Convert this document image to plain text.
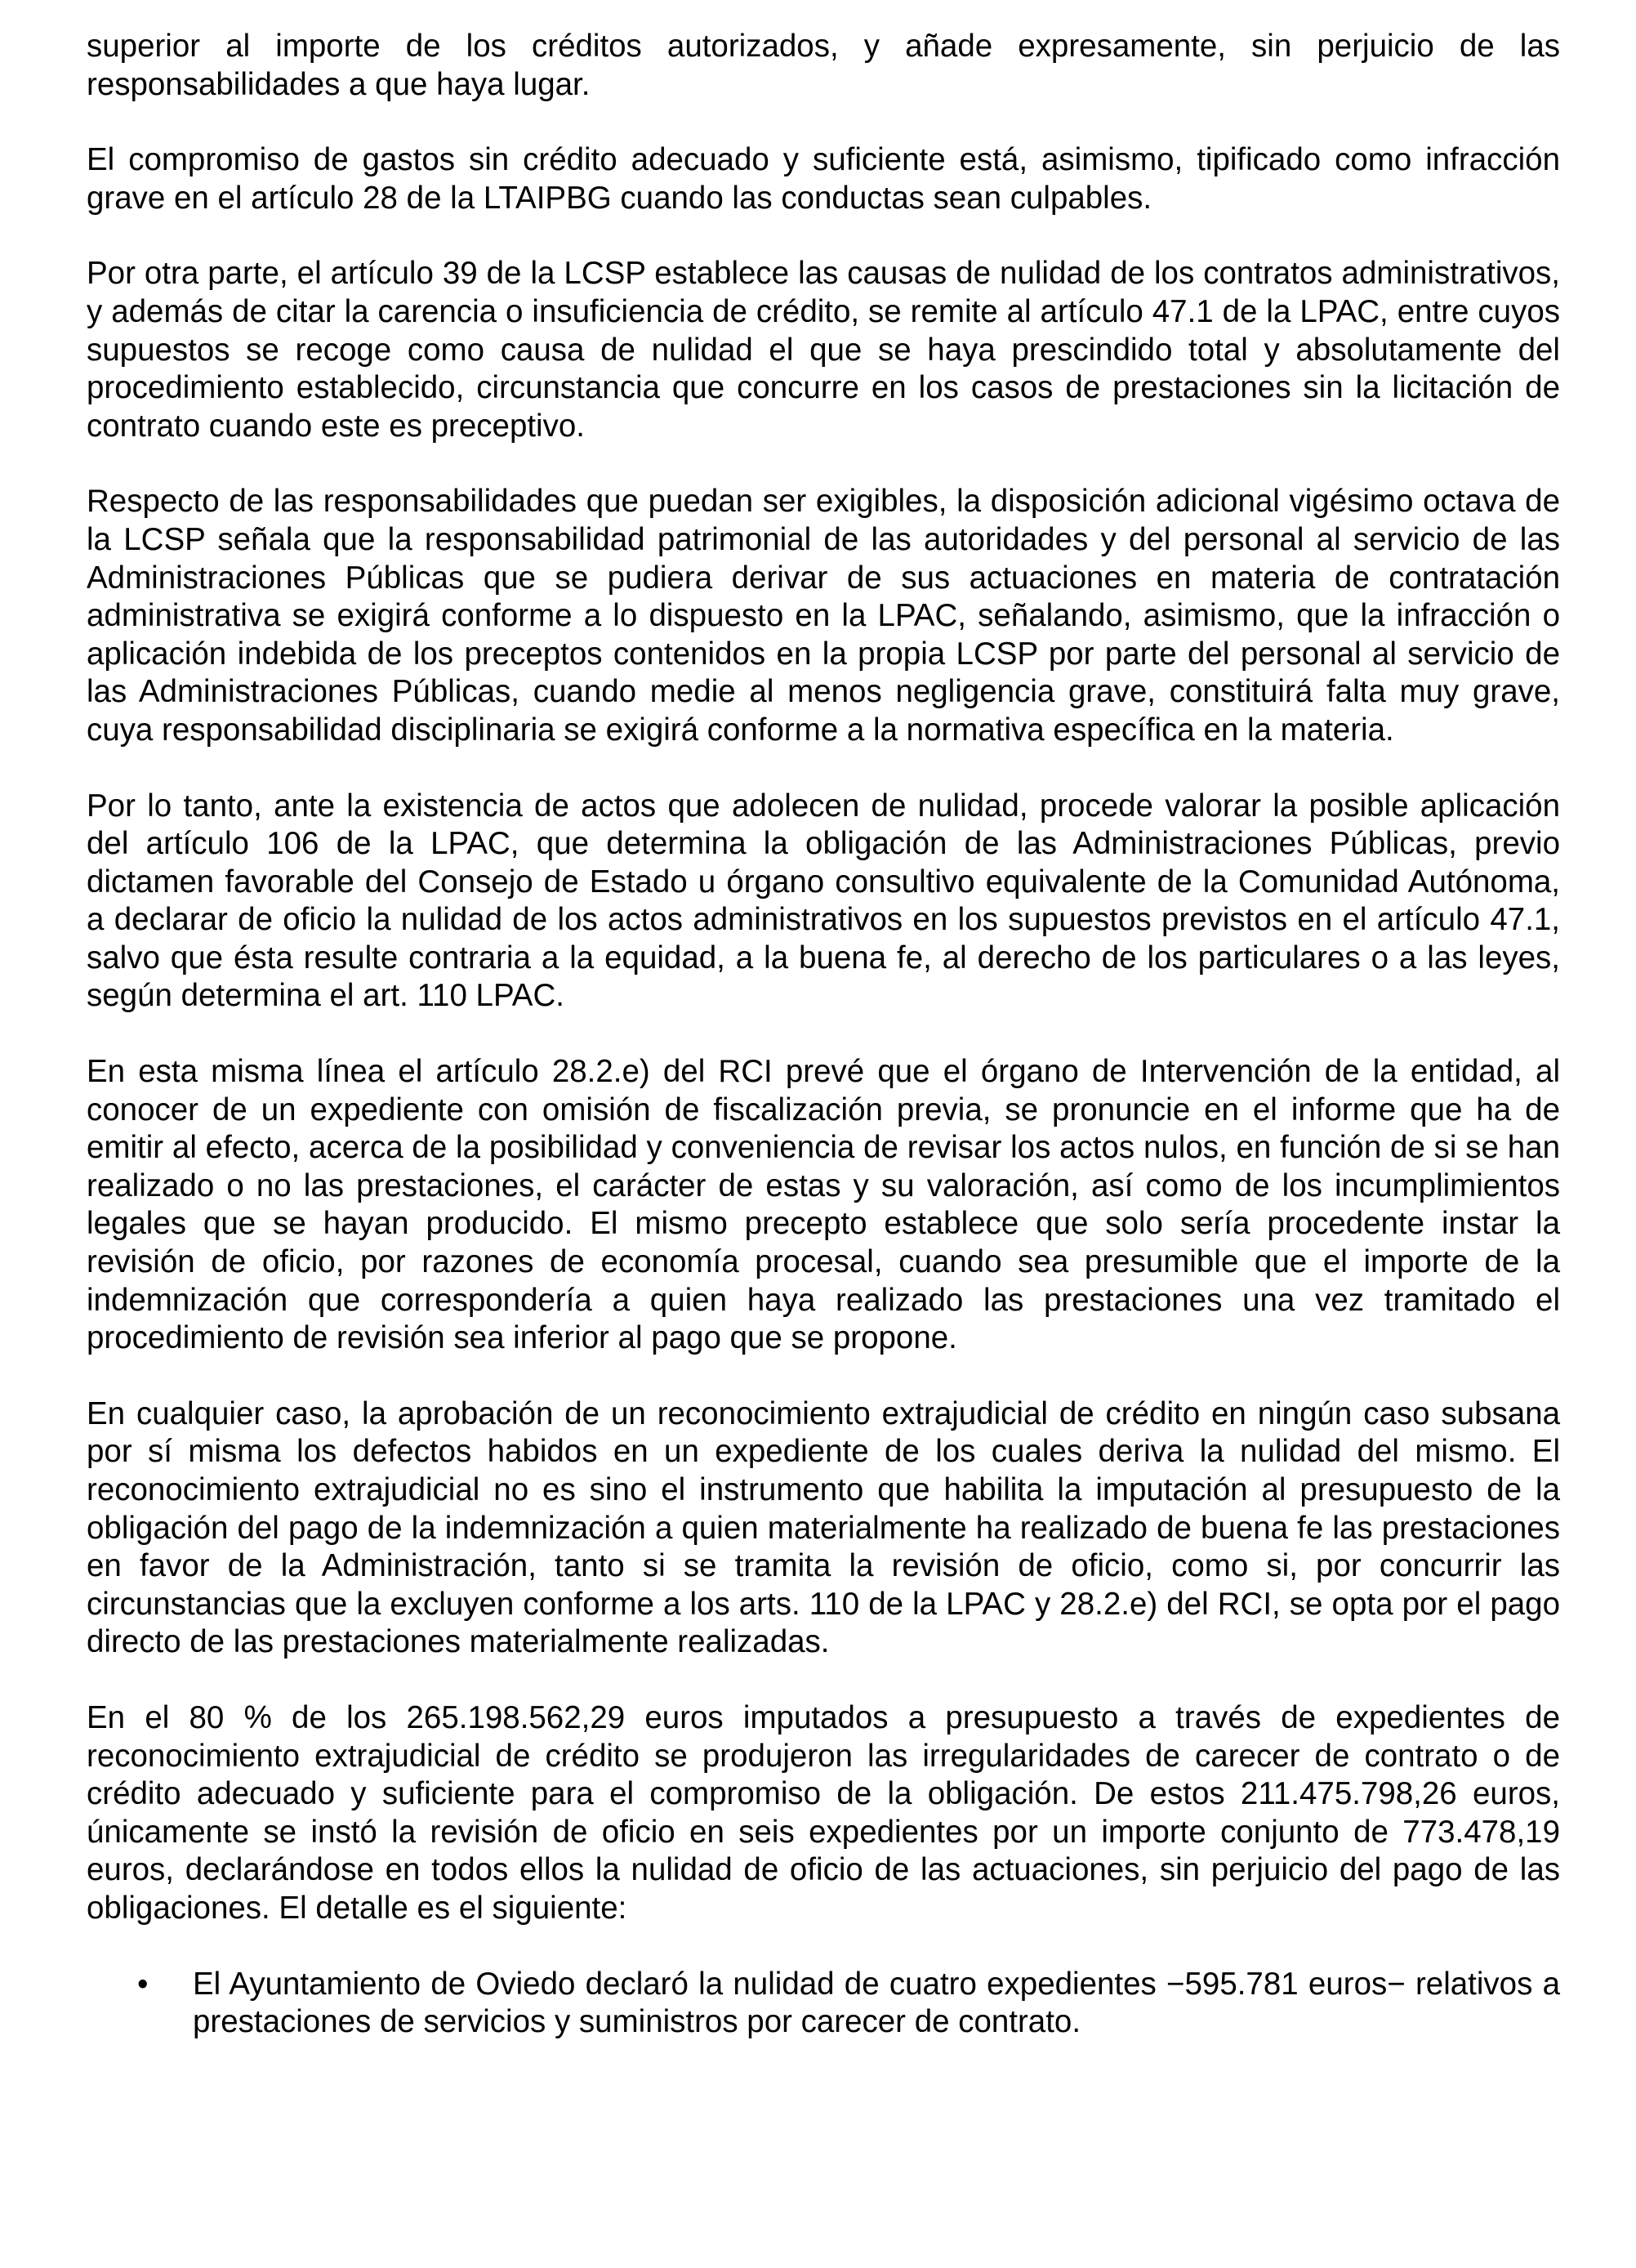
superior al importe de los créditos autorizados, y añade expresamente, sin perjuicio de las responsabilidades a que haya lugar.

El compromiso de gastos sin crédito adecuado y suficiente está, asimismo, tipificado como infracción grave en el artículo 28 de la LTAIPBG cuando las conductas sean culpables.

Por otra parte, el artículo 39 de la LCSP establece las causas de nulidad de los contratos administrativos, y además de citar la carencia o insuficiencia de crédito, se remite al artículo 47.1 de la LPAC, entre cuyos supuestos se recoge como causa de nulidad el que se haya prescindido total y absolutamente del procedimiento establecido, circunstancia que concurre en los casos de prestaciones sin la licitación de contrato cuando este es preceptivo.

Respecto de las responsabilidades que puedan ser exigibles, la disposición adicional vigésimo octava de la LCSP señala que la responsabilidad patrimonial de las autoridades y del personal al servicio de las Administraciones Públicas que se pudiera derivar de sus actuaciones en materia de contratación administrativa se exigirá conforme a lo dispuesto en la LPAC, señalando, asimismo, que la infracción o aplicación indebida de los preceptos contenidos en la propia LCSP por parte del personal al servicio de las Administraciones Públicas, cuando medie al menos negligencia grave, constituirá falta muy grave, cuya responsabilidad disciplinaria se exigirá conforme a la normativa específica en la materia.

Por lo tanto, ante la existencia de actos que adolecen de nulidad, procede valorar la posible aplicación del artículo 106 de la LPAC, que determina la obligación de las Administraciones Públicas, previo dictamen favorable del Consejo de Estado u órgano consultivo equivalente de la Comunidad Autónoma, a declarar de oficio la nulidad de los actos administrativos en los supuestos previstos en el artículo 47.1, salvo que ésta resulte contraria a la equidad, a la buena fe, al derecho de los particulares o a las leyes, según determina el art. 110 LPAC.

En esta misma línea el artículo 28.2.e) del RCI prevé que el órgano de Intervención de la entidad, al conocer de un expediente con omisión de fiscalización previa, se pronuncie en el informe que ha de emitir al efecto, acerca de la posibilidad y conveniencia de revisar los actos nulos, en función de si se han realizado o no las prestaciones, el carácter de estas y su valoración, así como de los incumplimientos legales que se hayan producido. El mismo precepto establece que solo sería procedente instar la revisión de oficio, por razones de economía procesal, cuando sea presumible que el importe de la indemnización que correspondería a quien haya realizado las prestaciones una vez tramitado el procedimiento de revisión sea inferior al pago que se propone.

En cualquier caso, la aprobación de un reconocimiento extrajudicial de crédito en ningún caso subsana por sí misma los defectos habidos en un expediente de los cuales deriva la nulidad del mismo. El reconocimiento extrajudicial no es sino el instrumento que habilita la imputación al presupuesto de la obligación del pago de la indemnización a quien materialmente ha realizado de buena fe las prestaciones en favor de la Administración, tanto si se tramita la revisión de oficio, como si, por concurrir las circunstancias que la excluyen conforme a los arts. 110 de la LPAC y 28.2.e) del RCI, se opta por el pago directo de las prestaciones materialmente realizadas.

En el 80 % de los 265.198.562,29 euros imputados a presupuesto a través de expedientes de reconocimiento extrajudicial de crédito se produjeron las irregularidades de carecer de contrato o de crédito adecuado y suficiente para el compromiso de la obligación. De estos 211.475.798,26 euros, únicamente se instó la revisión de oficio en seis expedientes por un importe conjunto de 773.478,19 euros, declarándose en todos ellos la nulidad de oficio de las actuaciones, sin perjuicio del pago de las obligaciones. El detalle es el siguiente:

• El Ayuntamiento de Oviedo declaró la nulidad de cuatro expedientes −595.781 euros− relativos a prestaciones de servicios y suministros por carecer de contrato.
